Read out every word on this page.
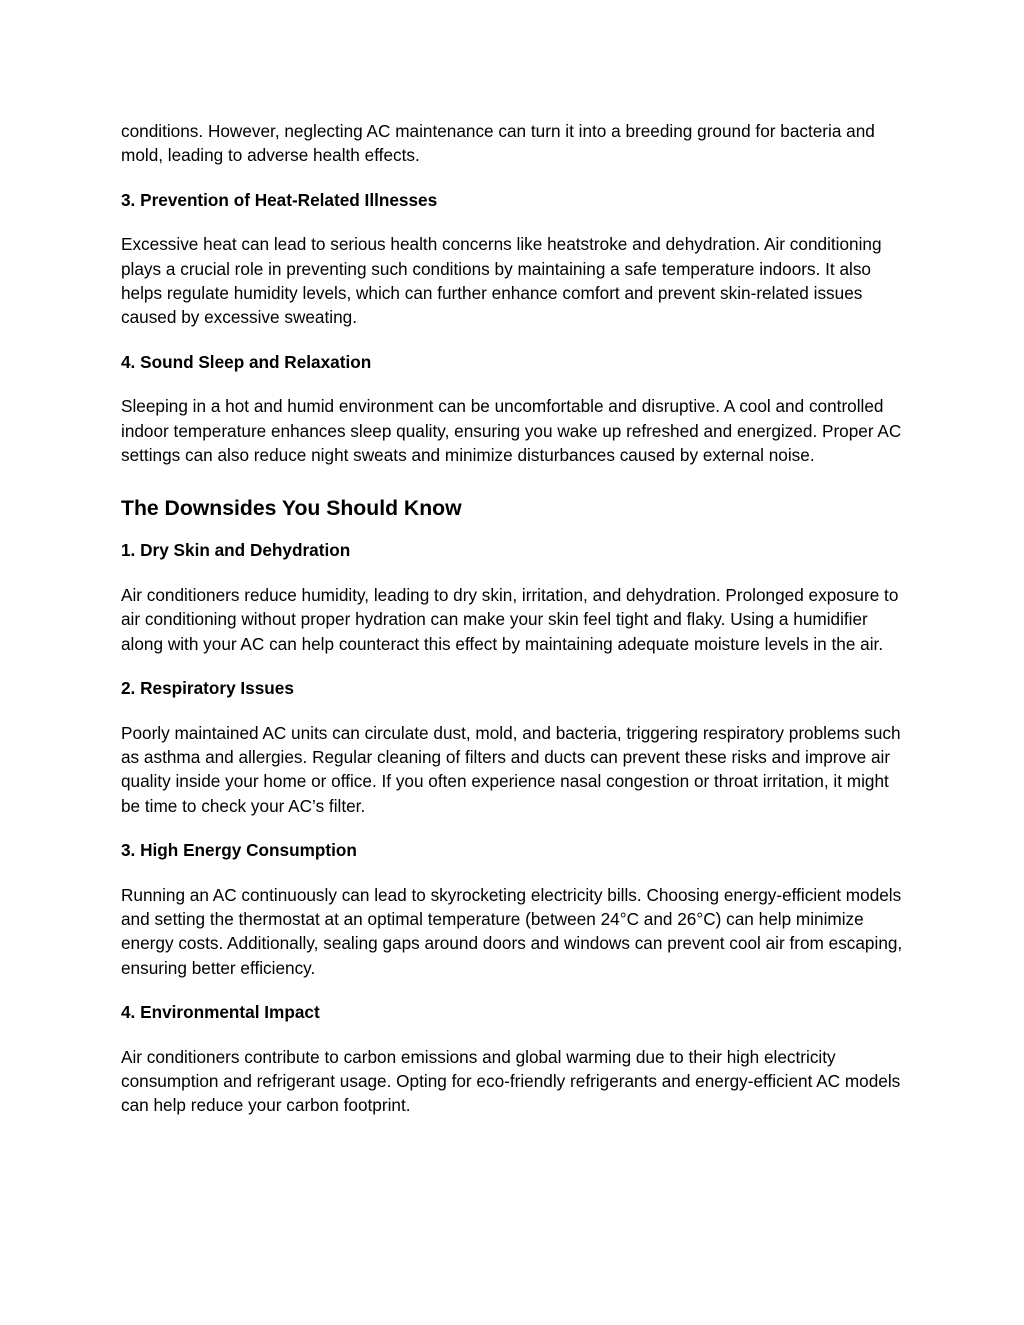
conditions. However, neglecting AC maintenance can turn it into a breeding ground for bacteria and mold, leading to adverse health effects.

3. Prevention of Heat-Related Illnesses

Excessive heat can lead to serious health concerns like heatstroke and dehydration. Air conditioning plays a crucial role in preventing such conditions by maintaining a safe temperature indoors. It also helps regulate humidity levels, which can further enhance comfort and prevent skin-related issues caused by excessive sweating.

4. Sound Sleep and Relaxation

Sleeping in a hot and humid environment can be uncomfortable and disruptive. A cool and controlled indoor temperature enhances sleep quality, ensuring you wake up refreshed and energized. Proper AC settings can also reduce night sweats and minimize disturbances caused by external noise.

The Downsides You Should Know
1. Dry Skin and Dehydration

Air conditioners reduce humidity, leading to dry skin, irritation, and dehydration. Prolonged exposure to air conditioning without proper hydration can make your skin feel tight and flaky. Using a humidifier along with your AC can help counteract this effect by maintaining adequate moisture levels in the air.

2. Respiratory Issues

Poorly maintained AC units can circulate dust, mold, and bacteria, triggering respiratory problems such as asthma and allergies. Regular cleaning of filters and ducts can prevent these risks and improve air quality inside your home or office. If you often experience nasal congestion or throat irritation, it might be time to check your AC’s filter.

3. High Energy Consumption

Running an AC continuously can lead to skyrocketing electricity bills. Choosing energy-efficient models and setting the thermostat at an optimal temperature (between 24°C and 26°C) can help minimize energy costs. Additionally, sealing gaps around doors and windows can prevent cool air from escaping, ensuring better efficiency.

4. Environmental Impact

Air conditioners contribute to carbon emissions and global warming due to their high electricity consumption and refrigerant usage. Opting for eco-friendly refrigerants and energy-efficient AC models can help reduce your carbon footprint.
